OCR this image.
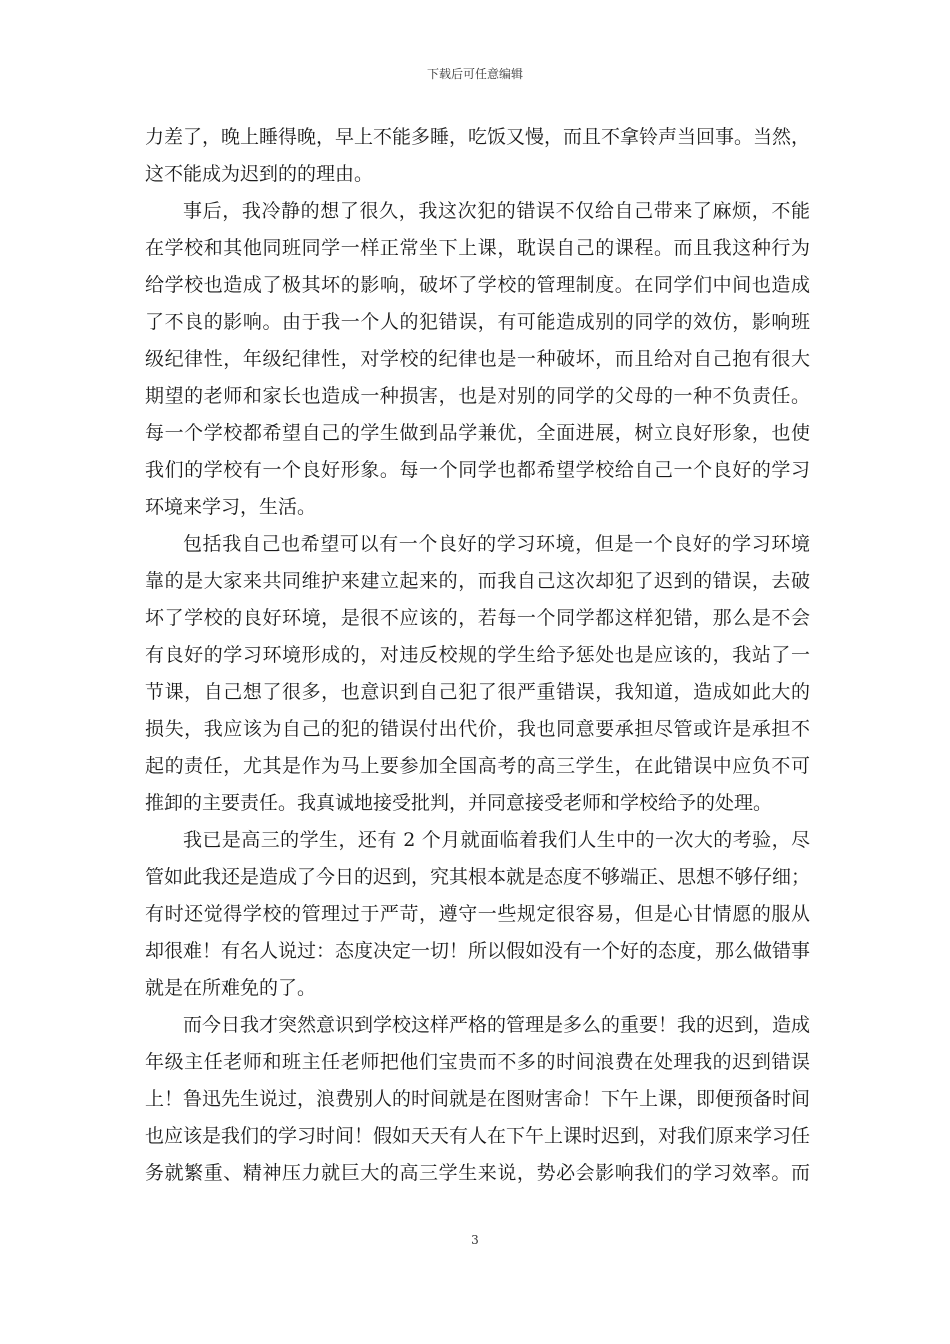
下载后可任意编辑
力差了，晚上睡得晚，早上不能多睡，吃饭又慢，而且不拿铃声当回事。当然，
这不能成为迟到的的理由。
事后，我冷静的想了很久，我这次犯的错误不仅给自己带来了麻烦，不能
在学校和其他同班同学一样正常坐下上课，耽误自己的课程。而且我这种行为
给学校也造成了极其坏的影响，破坏了学校的管理制度。在同学们中间也造成
了不良的影响。由于我一个人的犯错误，有可能造成别的同学的效仿，影响班
级纪律性，年级纪律性，对学校的纪律也是一种破坏，而且给对自己抱有很大
期望的老师和家长也造成一种损害，也是对别的同学的父母的一种不负责任。
每一个学校都希望自己的学生做到品学兼优，全面进展，树立良好形象，也使
我们的学校有一个良好形象。每一个同学也都希望学校给自己一个良好的学习
环境来学习，生活。
包括我自己也希望可以有一个良好的学习环境，但是一个良好的学习环境
靠的是大家来共同维护来建立起来的，而我自己这次却犯了迟到的错误，去破
坏了学校的良好环境，是很不应该的，若每一个同学都这样犯错，那么是不会
有良好的学习环境形成的，对违反校规的学生给予惩处也是应该的，我站了一
节课，自己想了很多，也意识到自己犯了很严重错误，我知道，造成如此大的
损失，我应该为自己的犯的错误付出代价，我也同意要承担尽管或许是承担不
起的责任，尤其是作为马上要参加全国高考的高三学生，在此错误中应负不可
推卸的主要责任。我真诚地接受批判，并同意接受老师和学校给予的处理。
我已是高三的学生，还有 2 个月就面临着我们人生中的一次大的考验，尽
管如此我还是造成了今日的迟到，究其根本就是态度不够端正、思想不够仔细；
有时还觉得学校的管理过于严苛，遵守一些规定很容易，但是心甘情愿的服从
却很难！有名人说过：态度决定一切！所以假如没有一个好的态度，那么做错事
就是在所难免的了。
而今日我才突然意识到学校这样严格的管理是多么的重要！我的迟到，造成
年级主任老师和班主任老师把他们宝贵而不多的时间浪费在处理我的迟到错误
上！鲁迅先生说过，浪费别人的时间就是在图财害命！下午上课，即便预备时间
也应该是我们的学习时间！假如天天有人在下午上课时迟到，对我们原来学习任
务就繁重、精神压力就巨大的高三学生来说，势必会影响我们的学习效率。而
3
